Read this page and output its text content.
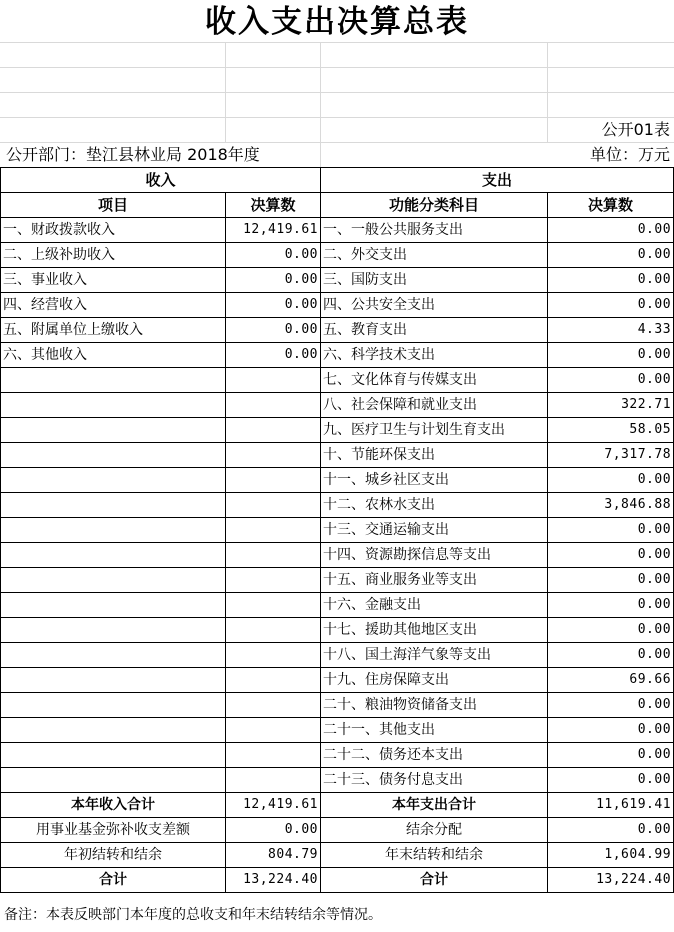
收入支出决算总表
公开01表
公开部门：垫江县林业局 2018年度	单位：万元
收入		支出	
项目	决算数	功能分类科目	决算数
一、财政拨款收入	12,419.61	一、一般公共服务支出	0.00
二、上级补助收入	0.00	二、外交支出	0.00
三、事业收入	0.00	三、国防支出	0.00
四、经营收入	0.00	四、公共安全支出	0.00
五、附属单位上缴收入	0.00	五、教育支出	4.33
六、其他收入	0.00	六、科学技术支出	0.00
		七、文化体育与传媒支出	0.00
		八、社会保障和就业支出	322.71
		九、医疗卫生与计划生育支出	58.05
		十、节能环保支出	7,317.78
		十一、城乡社区支出	0.00
		十二、农林水支出	3,846.88
		十三、交通运输支出	0.00
		十四、资源勘探信息等支出	0.00
		十五、商业服务业等支出	0.00
		十六、金融支出	0.00
		十七、援助其他地区支出	0.00
		十八、国土海洋气象等支出	0.00
		十九、住房保障支出	69.66
		二十、粮油物资储备支出	0.00
		二十一、其他支出	0.00
		二十二、债务还本支出	0.00
		二十三、债务付息支出	0.00
本年收入合计	12,419.61	本年支出合计	11,619.41
用事业基金弥补收支差额	0.00	结余分配	0.00
年初结转和结余	804.79	年末结转和结余	1,604.99
合计	13,224.40	合计	13,224.40
备注：本表反映部门本年度的总收支和年末结转结余等情况。
